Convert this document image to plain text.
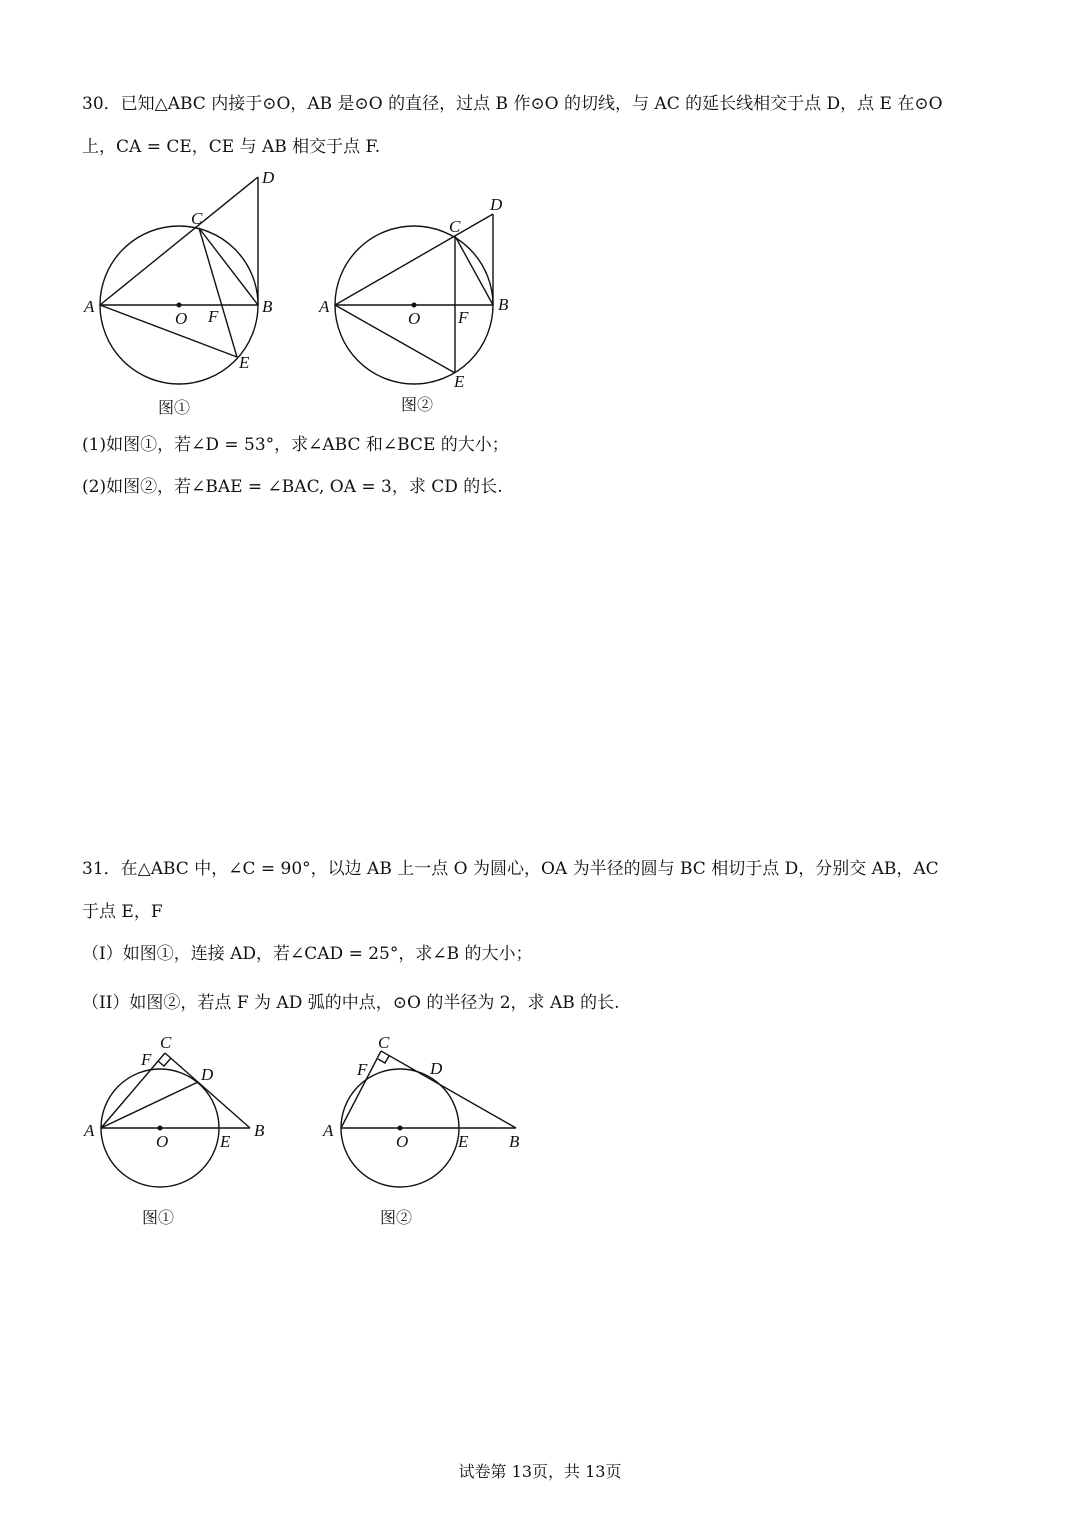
30．已知△ABC 内接于⊙O，AB 是⊙O 的直径，过点 B 作⊙O 的切线，与 AC 的延长线相交于点 D，点 E 在⊙O
上，CA = CE，CE 与 AB 相交于点 F.
A	B
C
D
E
F
O
图①
A	B
C
D
E
F
O
图②
(1)如图①，若∠D = 53°，求∠ABC 和∠BCE 的大小；
(2)如图②，若∠BAE = ∠BAC, OA = 3，求 CD 的长.
31．在△ABC 中，∠C = 90°，以边 AB 上一点 O 为圆心，OA 为半径的圆与 BC 相切于点 D，分别交 AB，AC
于点 E，F
（I）如图①，连接 AD，若∠CAD = 25°，求∠B 的大小；
（II）如图②，若点 F 为 AD 弧的中点，⊙O 的半径为 2，求 AB 的长.
A	B
C
D
E
F
O
图①
A
B
C
D
E
F
O
图②
试卷第 13页，共 13页
